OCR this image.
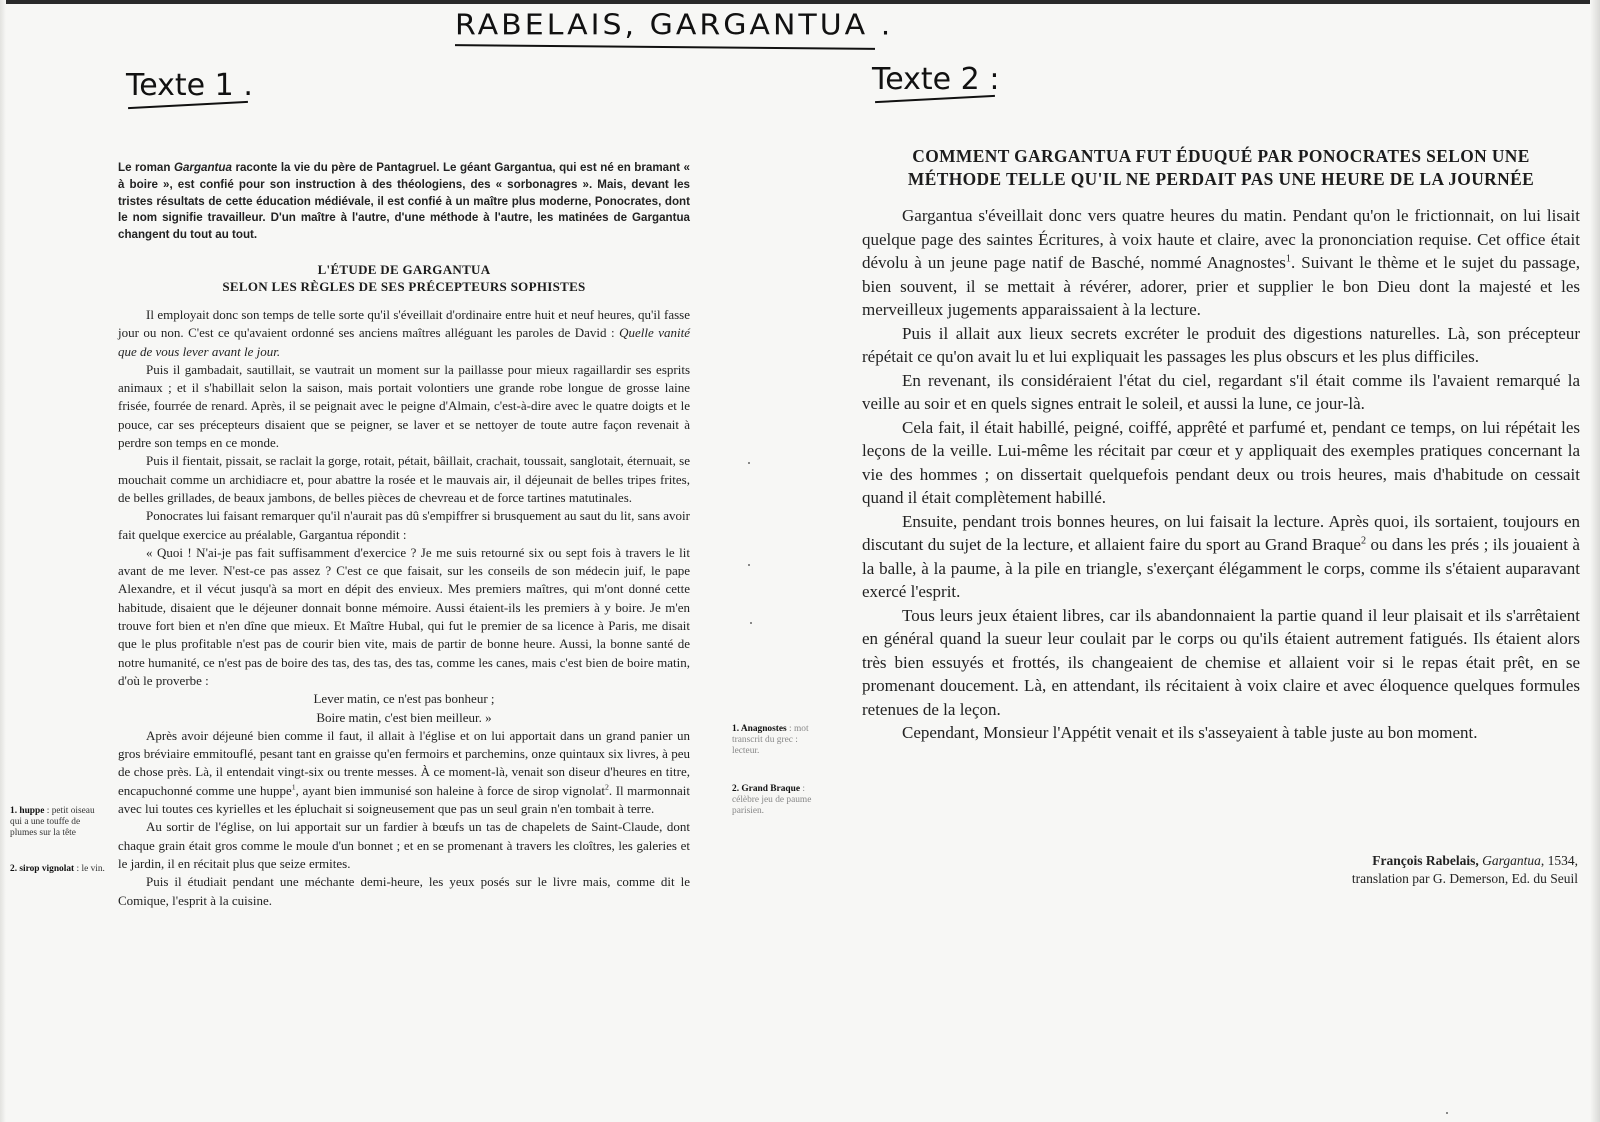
RABELAIS, GARGANTUA .
Texte 1 .	Texte 2 :
Le roman Gargantua raconte la vie du père de Pantagruel. Le géant Gargantua, qui est né en bramant « à boire », est confié pour son instruction à des théologiens, des « sorbonagres ». Mais, devant les tristes résultats de cette éducation médiévale, il est confié à un maître plus moderne, Ponocrates, dont le nom signifie travailleur. D'un maître à l'autre, d'une méthode à l'autre, les matinées de Gargantua changent du tout au tout.
L'ÉTUDE DE GARGANTUA
SELON LES RÈGLES DE SES PRÉCEPTEURS SOPHISTES

Il employait donc son temps de telle sorte qu'il s'éveillait d'ordinaire entre huit et neuf heures, qu'il fasse jour ou non. C'est ce qu'avaient ordonné ses anciens maîtres alléguant les paroles de David : Quelle vanité que de vous lever avant le jour.

Puis il gambadait, sautillait, se vautrait un moment sur la paillasse pour mieux ragaillardir ses esprits animaux ; et il s'habillait selon la saison, mais portait volontiers une grande robe longue de grosse laine frisée, fourrée de renard. Après, il se peignait avec le peigne d'Almain, c'est-à-dire avec le quatre doigts et le pouce, car ses précepteurs disaient que se peigner, se laver et se nettoyer de toute autre façon revenait à perdre son temps en ce monde.

Puis il fientait, pissait, se raclait la gorge, rotait, pétait, bâillait, crachait, toussait, sanglotait, éternuait, se mouchait comme un archidiacre et, pour abattre la rosée et le mauvais air, il déjeunait de belles tripes frites, de belles grillades, de beaux jambons, de belles pièces de chevreau et de force tartines matutinales.

Ponocrates lui faisant remarquer qu'il n'aurait pas dû s'empiffrer si brusquement au saut du lit, sans avoir fait quelque exercice au préalable, Gargantua répondit :

« Quoi ! N'ai-je pas fait suffisamment d'exercice ? Je me suis retourné six ou sept fois à travers le lit avant de me lever. N'est-ce pas assez ? C'est ce que faisait, sur les conseils de son médecin juif, le pape Alexandre, et il vécut jusqu'à sa mort en dépit des envieux. Mes premiers maîtres, qui m'ont donné cette habitude, disaient que le déjeuner donnait bonne mémoire. Aussi étaient-ils les premiers à y boire. Je m'en trouve fort bien et n'en dîne que mieux. Et Maître Hubal, qui fut le premier de sa licence à Paris, me disait que le plus profitable n'est pas de courir bien vite, mais de partir de bonne heure. Aussi, la bonne santé de notre humanité, ce n'est pas de boire des tas, des tas, des tas, comme les canes, mais c'est bien de boire matin, d'où le proverbe :

Lever matin, ce n'est pas bonheur ;

Boire matin, c'est bien meilleur. »

Après avoir déjeuné bien comme il faut, il allait à l'église et on lui apportait dans un grand panier un gros bréviaire emmitouflé, pesant tant en graisse qu'en fermoirs et parchemins, onze quintaux six livres, à peu de chose près. Là, il entendait vingt-six ou trente messes. À ce moment-là, venait son diseur d'heures en titre, encapuchonné comme une huppe$^1$, ayant bien immunisé son haleine à force de sirop vignolat$^2$. Il marmonnait avec lui toutes ces kyrielles et les épluchait si soigneusement que pas un seul grain n'en tombait à terre.

Au sortir de l'église, on lui apportait sur un fardier à bœufs un tas de chapelets de Saint-Claude, dont chaque grain était gros comme le moule d'un bonnet ; et en se promenant à travers les cloîtres, les galeries et le jardin, il en récitait plus que seize ermites.

Puis il étudiait pendant une méchante demi-heure, les yeux posés sur le livre mais, comme dit le Comique, l'esprit à la cuisine.

1. huppe : petit oiseau qui a une touffe de plumes sur la tête
2. sirop vignolat : le vin.
COMMENT GARGANTUA FUT ÉDUQUÉ PAR PONOCRATES SELON UNE
MÉTHODE TELLE QU'IL NE PERDAIT PAS UNE HEURE DE LA JOURNÉE

Gargantua s'éveillait donc vers quatre heures du matin. Pendant qu'on le frictionnait, on lui lisait quelque page des saintes Écritures, à voix haute et claire, avec la prononciation requise. Cet office était dévolu à un jeune page natif de Basché, nommé Anagnostes$^1$. Suivant le thème et le sujet du passage, bien souvent, il se mettait à révérer, adorer, prier et supplier le bon Dieu dont la majesté et les merveilleux jugements apparaissaient à la lecture.

Puis il allait aux lieux secrets excréter le produit des digestions naturelles. Là, son précepteur répétait ce qu'on avait lu et lui expliquait les passages les plus obscurs et les plus difficiles.

En revenant, ils considéraient l'état du ciel, regardant s'il était comme ils l'avaient remarqué la veille au soir et en quels signes entrait le soleil, et aussi la lune, ce jour-là.

Cela fait, il était habillé, peigné, coiffé, apprêté et parfumé et, pendant ce temps, on lui répétait les leçons de la veille. Lui-même les récitait par cœur et y appliquait des exemples pratiques concernant la vie des hommes ; on dissertait quelquefois pendant deux ou trois heures, mais d'habitude on cessait quand il était complètement habillé.

Ensuite, pendant trois bonnes heures, on lui faisait la lecture. Après quoi, ils sortaient, toujours en discutant du sujet de la lecture, et allaient faire du sport au Grand Braque$^2$ ou dans les prés ; ils jouaient à la balle, à la paume, à la pile en triangle, s'exerçant élégamment le corps, comme ils s'étaient auparavant exercé l'esprit.

Tous leurs jeux étaient libres, car ils abandonnaient la partie quand il leur plaisait et ils s'arrêtaient en général quand la sueur leur coulait par le corps ou qu'ils étaient autrement fatigués. Ils étaient alors très bien essuyés et frottés, ils changeaient de chemise et allaient voir si le repas était prêt, en se promenant doucement. Là, en attendant, ils récitaient à voix claire et avec éloquence quelques formules retenues de la leçon.

Cependant, Monsieur l'Appétit venait et ils s'asseyaient à table juste au bon moment.

1. Anagnostes : mot transcrit du grec : lecteur.
2. Grand Braque : célèbre jeu de paume parisien.
François Rabelais, Gargantua, 1534,
translation par G. Demerson, Ed. du Seuil
